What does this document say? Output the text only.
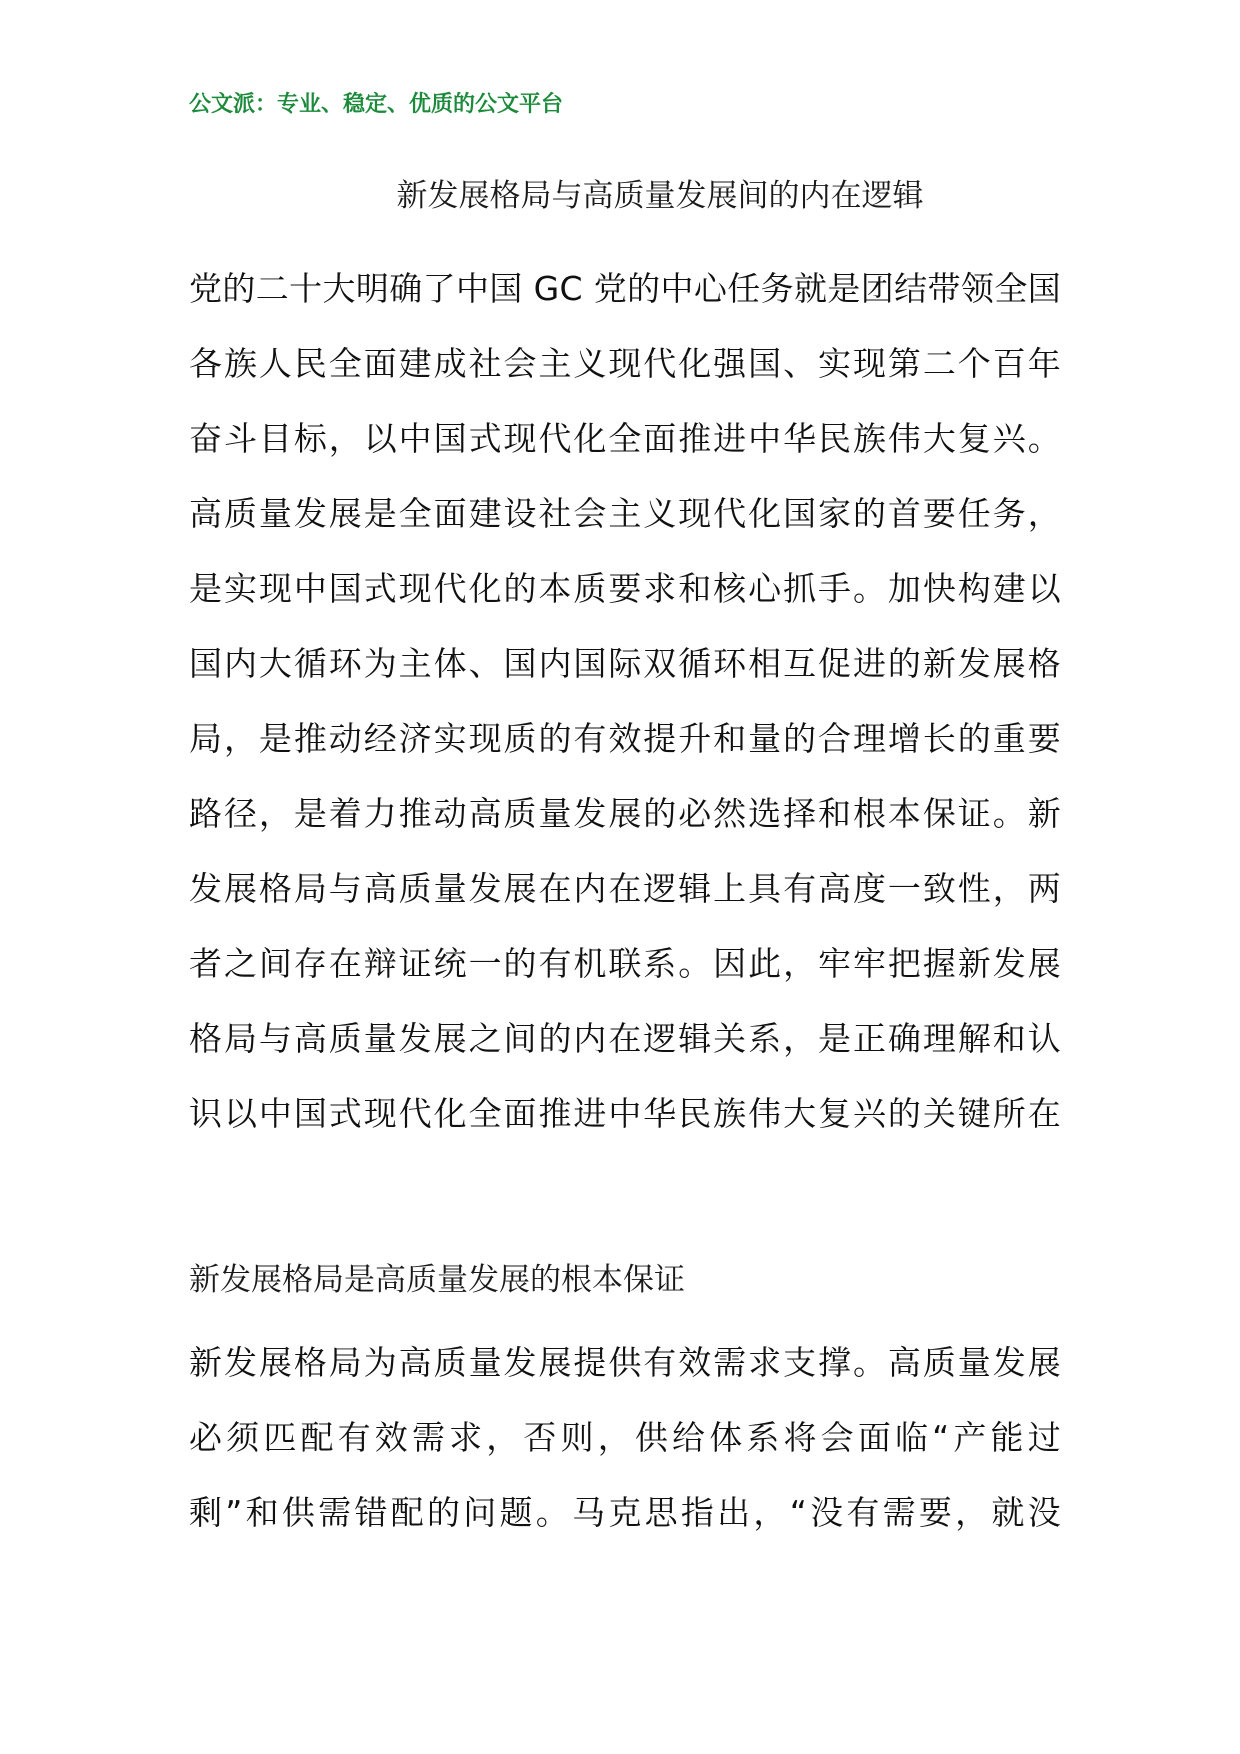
公文派：专业、稳定、优质的公文平台
新发展格局与高质量发展间的内在逻辑
党的二十大明确了中国 GC 党的中心任务就是团结带领全国
各族人民全面建成社会主义现代化强国、实现第二个百年
奋斗目标，以中国式现代化全面推进中华民族伟大复兴。
高质量发展是全面建设社会主义现代化国家的首要任务，
是实现中国式现代化的本质要求和核心抓手。加快构建以
国内大循环为主体、国内国际双循环相互促进的新发展格
局，是推动经济实现质的有效提升和量的合理增长的重要
路径，是着力推动高质量发展的必然选择和根本保证。新
发展格局与高质量发展在内在逻辑上具有高度一致性，两
者之间存在辩证统一的有机联系。因此，牢牢把握新发展
格局与高质量发展之间的内在逻辑关系，是正确理解和认
识以中国式现代化全面推进中华民族伟大复兴的关键所在
新发展格局是高质量发展的根本保证
新发展格局为高质量发展提供有效需求支撑。高质量发展
必须匹配有效需求，否则，供给体系将会面临“产能过
剩”和供需错配的问题。马克思指出，“没有需要，就没
